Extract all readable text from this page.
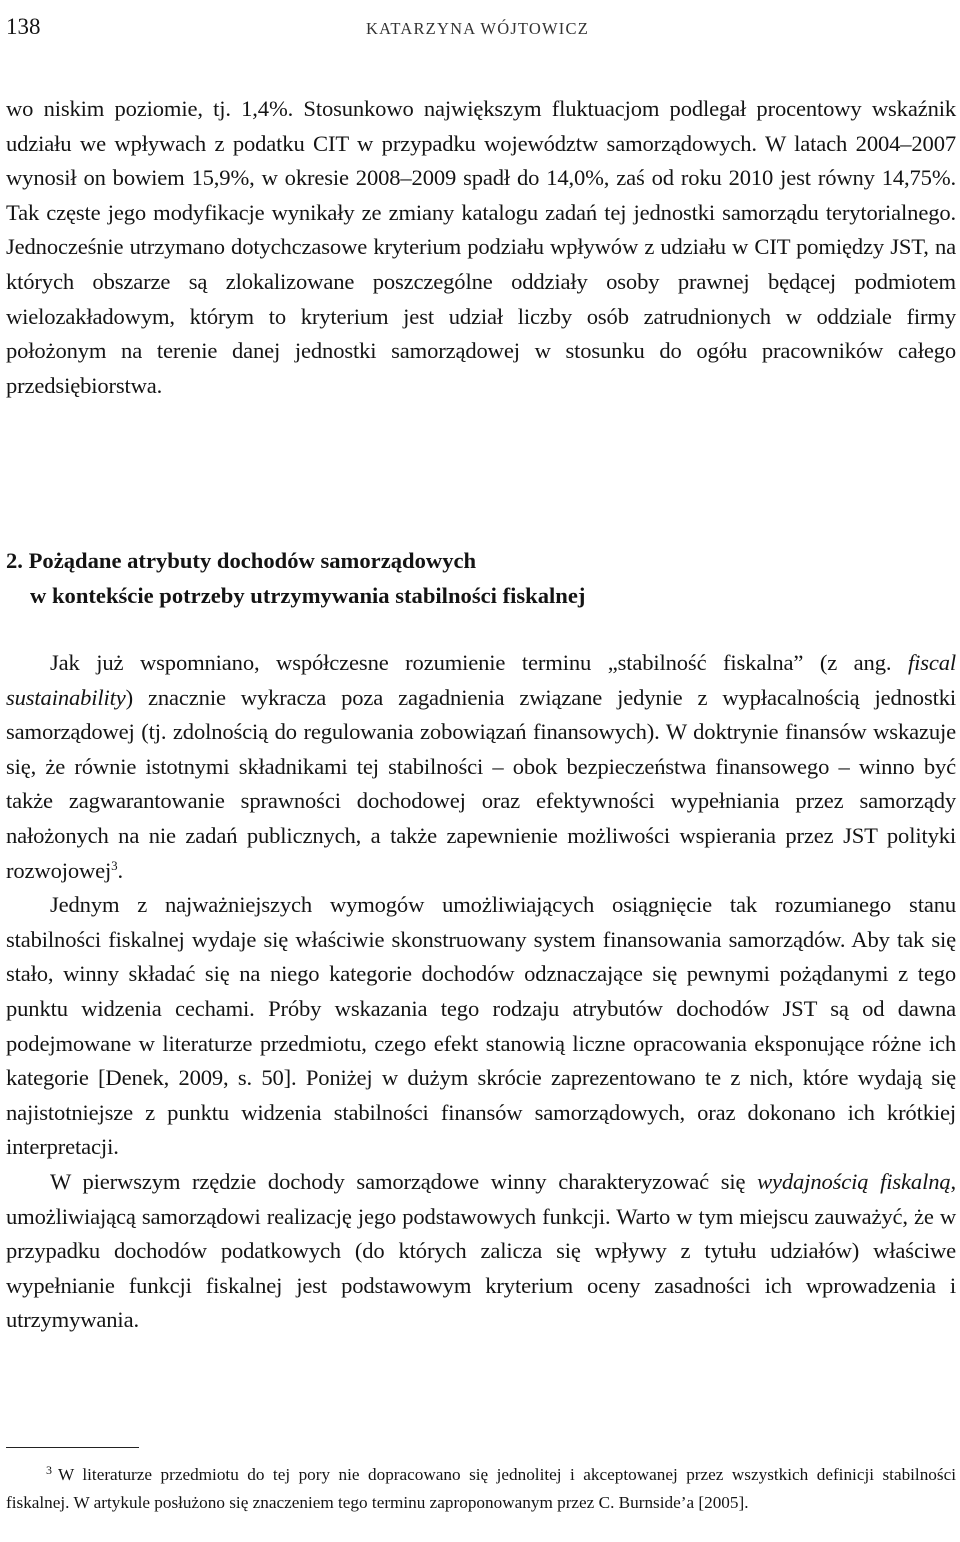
138	KATARZYNA WÓJTOWICZ

wo niskim poziomie, tj. 1,4%. Stosunkowo największym fluktuacjom podlegał procentowy wskaźnik udziału we wpływach z podatku CIT w przypadku województw samorządowych. W latach 2004–2007 wynosił on bowiem 15,9%, w okresie 2008–2009 spadł do 14,0%, zaś od roku 2010 jest równy 14,75%. Tak częste jego modyfikacje wynikały ze zmiany katalogu zadań tej jednostki samorządu terytorialnego. Jednocześnie utrzymano dotychczasowe kryterium podziału wpływów z udziału w CIT pomiędzy JST, na których obszarze są zlokalizowane poszczególne oddziały osoby prawnej będącej podmiotem wielozakładowym, którym to kryterium jest udział liczby osób zatrudnionych w oddziale firmy położonym na terenie danej jednostki samorządowej w stosunku do ogółu pracowników całego przedsiębiorstwa.

2. Pożądane atrybuty dochodów samorządowych
w kontekście potrzeby utrzymywania stabilności fiskalnej

Jak już wspomniano, współczesne rozumienie terminu „stabilność fiskalna” (z ang. fiscal sustainability) znacznie wykracza poza zagadnienia związane jedynie z wypłacalnością jednostki samorządowej (tj. zdolnością do regulowania zobowiązań finansowych). W doktrynie finansów wskazuje się, że równie istotnymi składnikami tej stabilności – obok bezpieczeństwa finansowego – winno być także zagwarantowanie sprawności dochodowej oraz efektywności wypełniania przez samorządy nałożonych na nie zadań publicznych, a także zapewnienie możliwości wspierania przez JST polityki rozwojowej$^3$.

Jednym z najważniejszych wymogów umożliwiających osiągnięcie tak rozumianego stanu stabilności fiskalnej wydaje się właściwie skonstruowany system finansowania samorządów. Aby tak się stało, winny składać się na niego kategorie dochodów odznaczające się pewnymi pożądanymi z tego punktu widzenia cechami. Próby wskazania tego rodzaju atrybutów dochodów JST są od dawna podejmowane w literaturze przedmiotu, czego efekt stanowią liczne opracowania eksponujące różne ich kategorie [Denek, 2009, s. 50]. Poniżej w dużym skrócie zaprezentowano te z nich, które wydają się najistotniejsze z punktu widzenia stabilności finansów samorządowych, oraz dokonano ich krótkiej interpretacji.

W pierwszym rzędzie dochody samorządowe winny charakteryzować się wydajnością fiskalną, umożliwiającą samorządowi realizację jego podstawowych funkcji. Warto w tym miejscu zauważyć, że w przypadku dochodów podatkowych (do których zalicza się wpływy z tytułu udziałów) właściwe wypełnianie funkcji fiskalnej jest podstawowym kryterium oceny zasadności ich wprowadzenia i utrzymywania.

$^3$ W literaturze przedmiotu do tej pory nie dopracowano się jednolitej i akceptowanej przez wszystkich definicji stabilności fiskalnej. W artykule posłużono się znaczeniem tego terminu zaproponowanym przez C. Burnside’a [2005].
